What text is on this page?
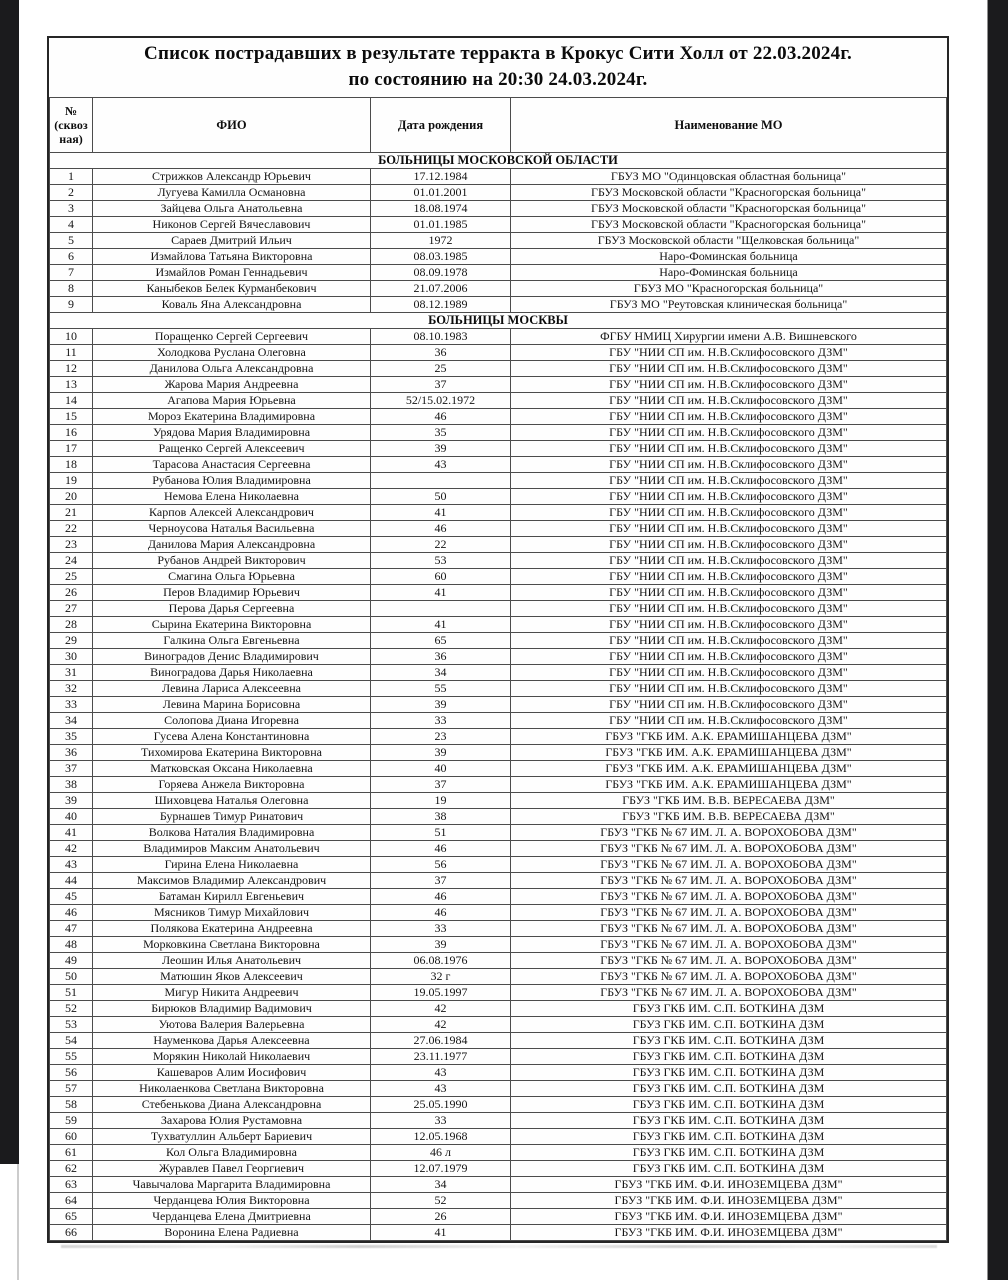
Список пострадавших в результате терракта в Крокус Сити Холл от 22.03.2024г.
по состоянию на 20:30 24.03.2024г.
№ (сквоз ная)	ФИО	Дата рождения	Наименование МО
БОЛЬНИЦЫ МОСКОВСКОЙ ОБЛАСТИ			
1	Стрижков Александр Юрьевич	17.12.1984	ГБУЗ МО "Одинцовская областная больница"
2	Лугуева Камилла Османовна	01.01.2001	ГБУЗ Московской области "Красногорская больница"
3	Зайцева Ольга Анатольевна	18.08.1974	ГБУЗ Московской области "Красногорская больница"
4	Никонов Сергей Вячеславович	01.01.1985	ГБУЗ Московской области "Красногорская больница"
5	Сараев Дмитрий Ильич	1972	ГБУЗ Московской области "Щелковская больница"
6	Измайлова Татьяна Викторовна	08.03.1985	Наро-Фоминская больница
7	Измайлов Роман Геннадьевич	08.09.1978	Наро-Фоминская больница
8	Каныбеков Белек Курманбекович	21.07.2006	ГБУЗ МО "Красногорская больница"
9	Коваль Яна Александровна	08.12.1989	ГБУЗ МО "Реутовская клиническая больница"
БОЛЬНИЦЫ МОСКВЫ			
10	Поращенко Сергей Сергеевич	08.10.1983	ФГБУ НМИЦ Хирургии имени А.В. Вишневского
11	Холодкова Руслана Олеговна	36	ГБУ "НИИ СП им. Н.В.Склифосовского ДЗМ"
12	Данилова Ольга Александровна	25	ГБУ "НИИ СП им. Н.В.Склифосовского ДЗМ"
13	Жарова Мария Андреевна	37	ГБУ "НИИ СП им. Н.В.Склифосовского ДЗМ"
14	Агапова Мария Юрьевна	52/15.02.1972	ГБУ "НИИ СП им. Н.В.Склифосовского ДЗМ"
15	Мороз Екатерина Владимировна	46	ГБУ "НИИ СП им. Н.В.Склифосовского ДЗМ"
16	Урядова Мария Владимировна	35	ГБУ "НИИ СП им. Н.В.Склифосовского ДЗМ"
17	Ращенко Сергей Алексеевич	39	ГБУ "НИИ СП им. Н.В.Склифосовского ДЗМ"
18	Тарасова Анастасия Сергеевна	43	ГБУ "НИИ СП им. Н.В.Склифосовского ДЗМ"
19	Рубанова Юлия Владимировна		ГБУ "НИИ СП им. Н.В.Склифосовского ДЗМ"
20	Немова Елена Николаевна	50	ГБУ "НИИ СП им. Н.В.Склифосовского ДЗМ"
21	Карпов Алексей Александрович	41	ГБУ "НИИ СП им. Н.В.Склифосовского ДЗМ"
22	Черноусова Наталья Васильевна	46	ГБУ "НИИ СП им. Н.В.Склифосовского ДЗМ"
23	Данилова Мария Александровна	22	ГБУ "НИИ СП им. Н.В.Склифосовского ДЗМ"
24	Рубанов Андрей Викторович	53	ГБУ "НИИ СП им. Н.В.Склифосовского ДЗМ"
25	Смагина Ольга Юрьевна	60	ГБУ "НИИ СП им. Н.В.Склифосовского ДЗМ"
26	Перов Владимир Юрьевич	41	ГБУ "НИИ СП им. Н.В.Склифосовского ДЗМ"
27	Перова Дарья Сергеевна		ГБУ "НИИ СП им. Н.В.Склифосовского ДЗМ"
28	Сырина Екатерина Викторовна	41	ГБУ "НИИ СП им. Н.В.Склифосовского ДЗМ"
29	Галкина Ольга Евгеньевна	65	ГБУ "НИИ СП им. Н.В.Склифосовского ДЗМ"
30	Виноградов Денис Владимирович	36	ГБУ "НИИ СП им. Н.В.Склифосовского ДЗМ"
31	Виноградова Дарья Николаевна	34	ГБУ "НИИ СП им. Н.В.Склифосовского ДЗМ"
32	Левина Лариса Алексеевна	55	ГБУ "НИИ СП им. Н.В.Склифосовского ДЗМ"
33	Левина Марина Борисовна	39	ГБУ "НИИ СП им. Н.В.Склифосовского ДЗМ"
34	Солопова Диана Игоревна	33	ГБУ "НИИ СП им. Н.В.Склифосовского ДЗМ"
35	Гусева Алена Константиновна	23	ГБУЗ "ГКБ ИМ. А.К. ЕРАМИШАНЦЕВА ДЗМ"
36	Тихомирова Екатерина Викторовна	39	ГБУЗ "ГКБ ИМ. А.К. ЕРАМИШАНЦЕВА ДЗМ"
37	Матковская Оксана Николаевна	40	ГБУЗ "ГКБ ИМ. А.К. ЕРАМИШАНЦЕВА ДЗМ"
38	Горяева Анжела Викторовна	37	ГБУЗ "ГКБ ИМ. А.К. ЕРАМИШАНЦЕВА ДЗМ"
39	Шиховцева Наталья Олеговна	19	ГБУЗ "ГКБ ИМ. В.В. ВЕРЕСАЕВА ДЗМ"
40	Бурнашев Тимур Ринатович	38	ГБУЗ "ГКБ ИМ. В.В. ВЕРЕСАЕВА ДЗМ"
41	Волкова Наталия Владимировна	51	ГБУЗ "ГКБ № 67 ИМ. Л. А. ВОРОХОБОВА ДЗМ"
42	Владимиров Максим Анатольевич	46	ГБУЗ "ГКБ № 67 ИМ. Л. А. ВОРОХОБОВА ДЗМ"
43	Гирина Елена Николаевна	56	ГБУЗ "ГКБ № 67 ИМ. Л. А. ВОРОХОБОВА ДЗМ"
44	Максимов Владимир Александрович	37	ГБУЗ "ГКБ № 67 ИМ. Л. А. ВОРОХОБОВА ДЗМ"
45	Батаман Кирилл Евгеньевич	46	ГБУЗ "ГКБ № 67 ИМ. Л. А. ВОРОХОБОВА ДЗМ"
46	Мясников Тимур Михайлович	46	ГБУЗ "ГКБ № 67 ИМ. Л. А. ВОРОХОБОВА ДЗМ"
47	Полякова Екатерина Андреевна	33	ГБУЗ "ГКБ № 67 ИМ. Л. А. ВОРОХОБОВА ДЗМ"
48	Морковкина Светлана Викторовна	39	ГБУЗ "ГКБ № 67 ИМ. Л. А. ВОРОХОБОВА ДЗМ"
49	Леошин Илья Анатольевич	06.08.1976	ГБУЗ "ГКБ № 67 ИМ. Л. А. ВОРОХОБОВА ДЗМ"
50	Матюшин Яков Алексеевич	32 г	ГБУЗ "ГКБ № 67 ИМ. Л. А. ВОРОХОБОВА ДЗМ"
51	Мигур Никита Андреевич	19.05.1997	ГБУЗ "ГКБ № 67 ИМ. Л. А. ВОРОХОБОВА ДЗМ"
52	Бирюков Владимир Вадимович	42	ГБУЗ ГКБ ИМ. С.П. БОТКИНА ДЗМ
53	Уютова Валерия Валерьевна	42	ГБУЗ ГКБ ИМ. С.П. БОТКИНА ДЗМ
54	Науменкова Дарья Алексеевна	27.06.1984	ГБУЗ ГКБ ИМ. С.П. БОТКИНА ДЗМ
55	Морякин Николай Николаевич	23.11.1977	ГБУЗ ГКБ ИМ. С.П. БОТКИНА ДЗМ
56	Кашеваров Алим Иосифович	43	ГБУЗ ГКБ ИМ. С.П. БОТКИНА ДЗМ
57	Николаенкова Светлана Викторовна	43	ГБУЗ ГКБ ИМ. С.П. БОТКИНА ДЗМ
58	Стебенькова Диана Александровна	25.05.1990	ГБУЗ ГКБ ИМ. С.П. БОТКИНА ДЗМ
59	Захарова Юлия Рустамовна	33	ГБУЗ ГКБ ИМ. С.П. БОТКИНА ДЗМ
60	Тухватуллин Альберт Бариевич	12.05.1968	ГБУЗ ГКБ ИМ. С.П. БОТКИНА ДЗМ
61	Кол Ольга Владимировна	46 л	ГБУЗ ГКБ ИМ. С.П. БОТКИНА ДЗМ
62	Журавлев Павел Георгиевич	12.07.1979	ГБУЗ ГКБ ИМ. С.П. БОТКИНА ДЗМ
63	Чавычалова Маргарита Владимировна	34	ГБУЗ "ГКБ ИМ. Ф.И. ИНОЗЕМЦЕВА ДЗМ"
64	Черданцева Юлия Викторовна	52	ГБУЗ "ГКБ ИМ. Ф.И. ИНОЗЕМЦЕВА ДЗМ"
65	Черданцева Елена Дмитриевна	26	ГБУЗ "ГКБ ИМ. Ф.И. ИНОЗЕМЦЕВА ДЗМ"
66	Воронина Елена Радиевна	41	ГБУЗ "ГКБ ИМ. Ф.И. ИНОЗЕМЦЕВА ДЗМ"
